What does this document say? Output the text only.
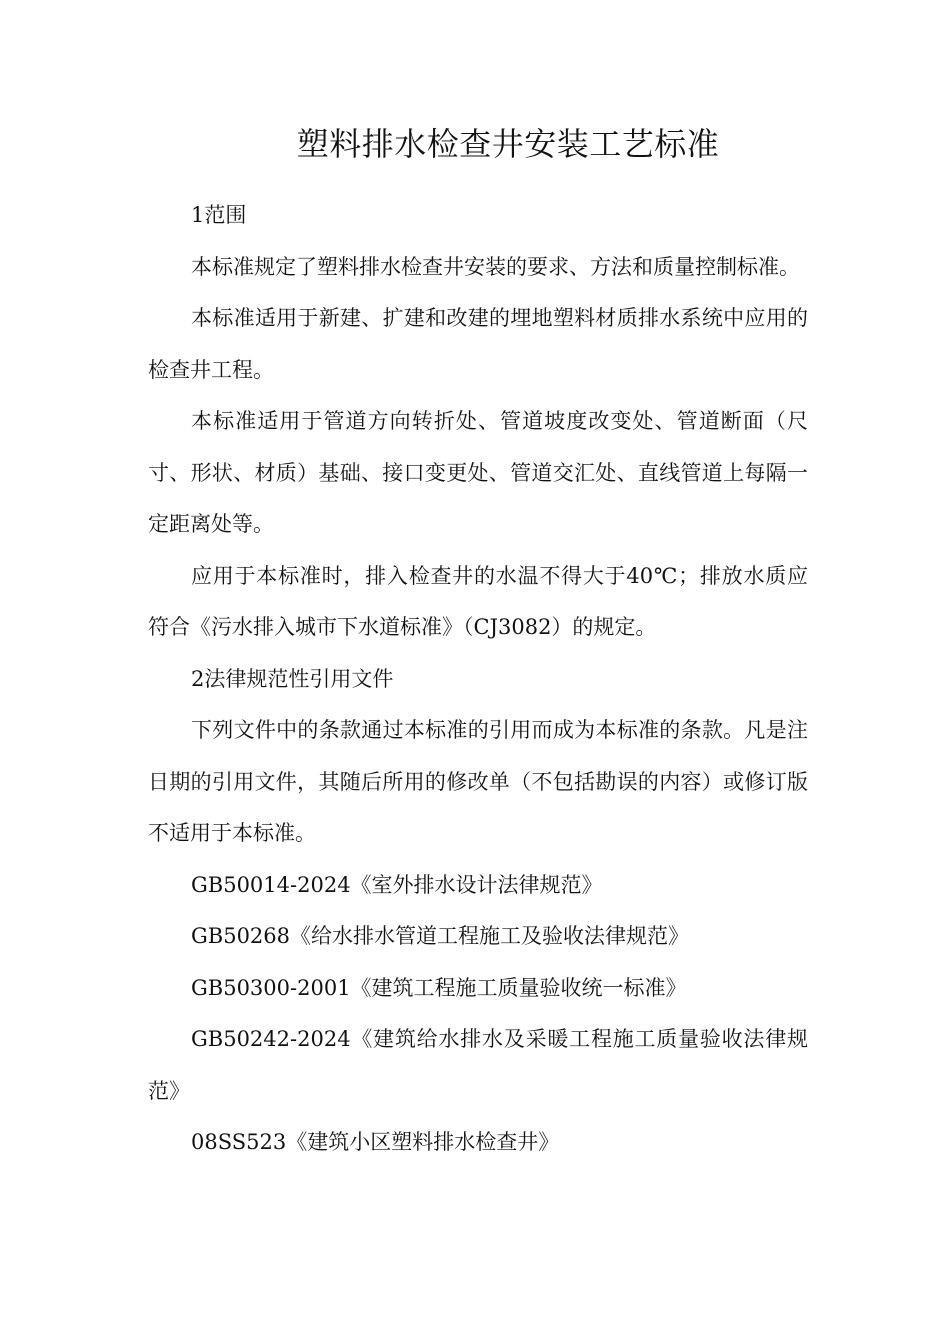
塑料排水检查井安装工艺标准

1范围

本标准规定了塑料排水检查井安装的要求、方法和质量控制标准。

本标准适用于新建、扩建和改建的埋地塑料材质排水系统中应用的检查井工程。

本标准适用于管道方向转折处、管道坡度改变处、管道断面（尺寸、形状、材质）基础、接口变更处、管道交汇处、直线管道上每隔一定距离处等。

应用于本标准时，排入检查井的水温不得大于40℃；排放水质应符合《污水排入城市下水道标准》（CJ3082）的规定。

2法律规范性引用文件

下列文件中的条款通过本标准的引用而成为本标准的条款。凡是注日期的引用文件，其随后所用的修改单（不包括勘误的内容）或修订版不适用于本标准。

GB50014-2024《室外排水设计法律规范》

GB50268《给水排水管道工程施工及验收法律规范》

GB50300-2001《建筑工程施工质量验收统一标准》

GB50242-2024《建筑给水排水及采暖工程施工质量验收法律规范》

08SS523《建筑小区塑料排水检查井》
